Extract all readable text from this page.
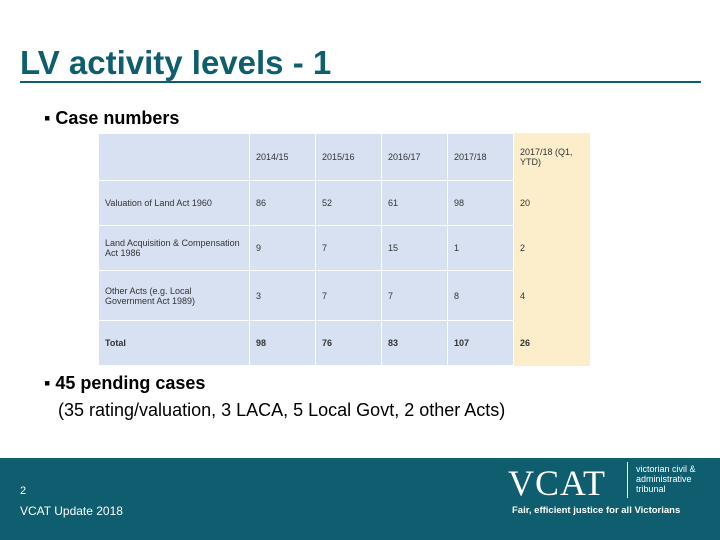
LV activity levels - 1
▪ Case numbers
	2014/15	2015/16	2016/17	2017/18	2017/18 (Q1, YTD)
Valuation of Land Act 1960	86	52	61	98	20
Land Acquisition & Compensation Act 1986	9	7	15	1	2
Other Acts (e.g. Local Government Act 1989)	3	7	7	8	4
Total	98	76	83	107	26
▪ 45 pending cases
(35 rating/valuation, 3 LACA, 5 Local Govt, 2 other Acts)
2
VCAT Update 2018
VCAT	victorian civil & administrative tribunal
Fair, efficient justice for all Victorians
